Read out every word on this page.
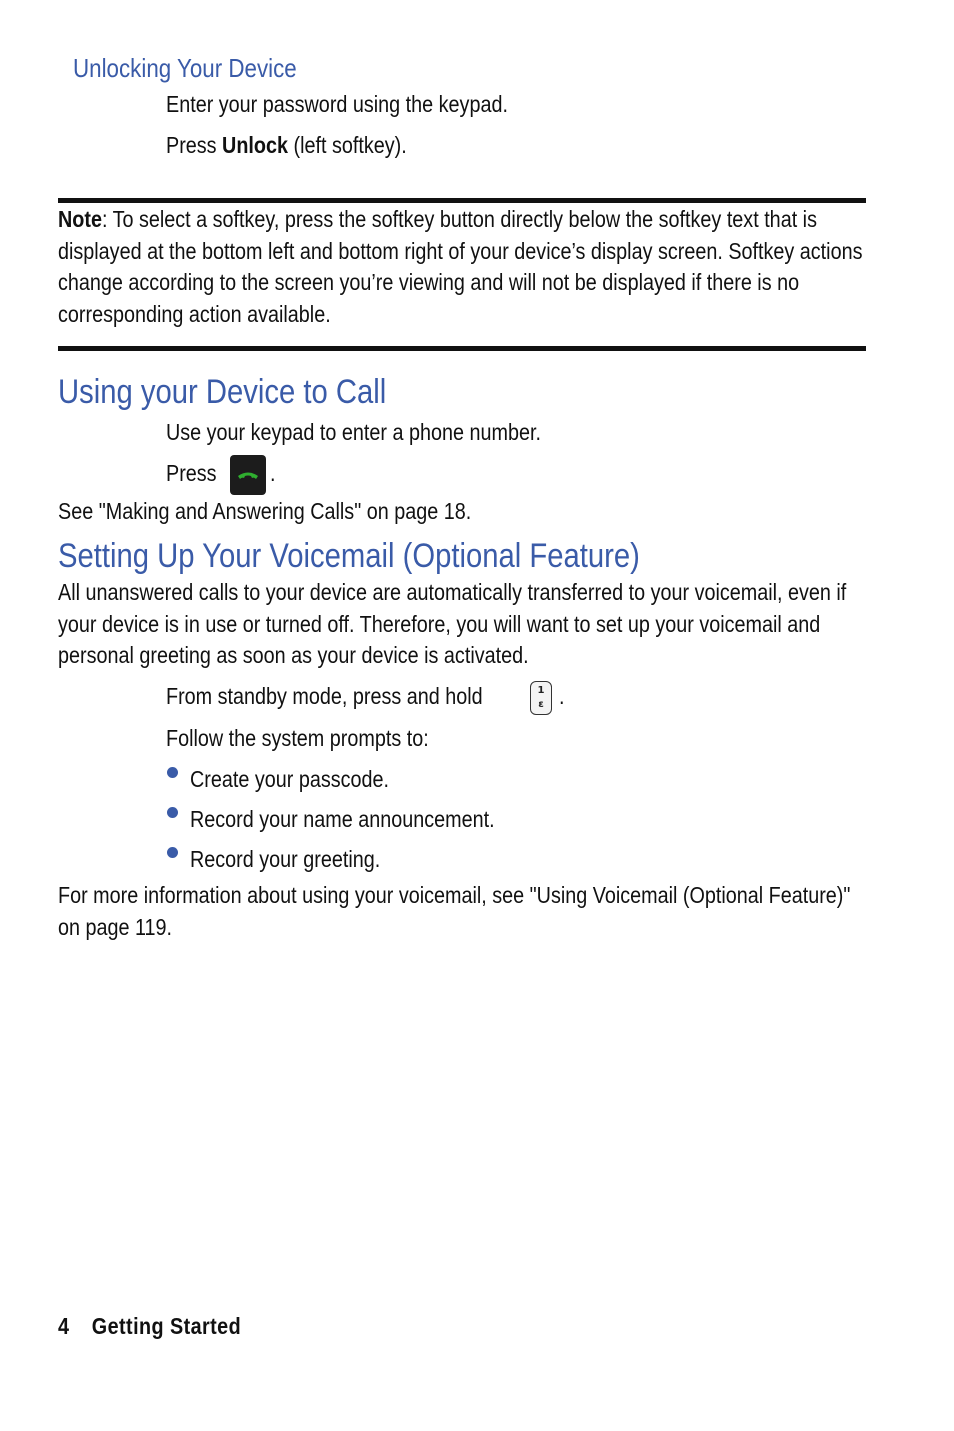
Unlocking Your Device
Enter your password using the keypad.
Press Unlock (left softkey).
Note: To select a softkey, press the softkey button directly below the softkey text that is displayed at the bottom left and bottom right of your device’s display screen. Softkey actions change according to the screen you’re viewing and will not be displayed if there is no corresponding action available.
Using your Device to Call
Use your keypad to enter a phone number.
Press .
See "Making and Answering Calls" on page 18.
Setting Up Your Voicemail (Optional Feature)
All unanswered calls to your device are automatically transferred to your voicemail, even if your device is in use or turned off. Therefore, you will want to set up your voicemail and personal greeting as soon as your device is activated.
From standby mode, press and hold	1
ε .
Follow the system prompts to:
Create your passcode.
Record your name announcement.
Record your greeting.
For more information about using your voicemail, see "Using Voicemail (Optional Feature)" on page 119.
4 Getting Started
